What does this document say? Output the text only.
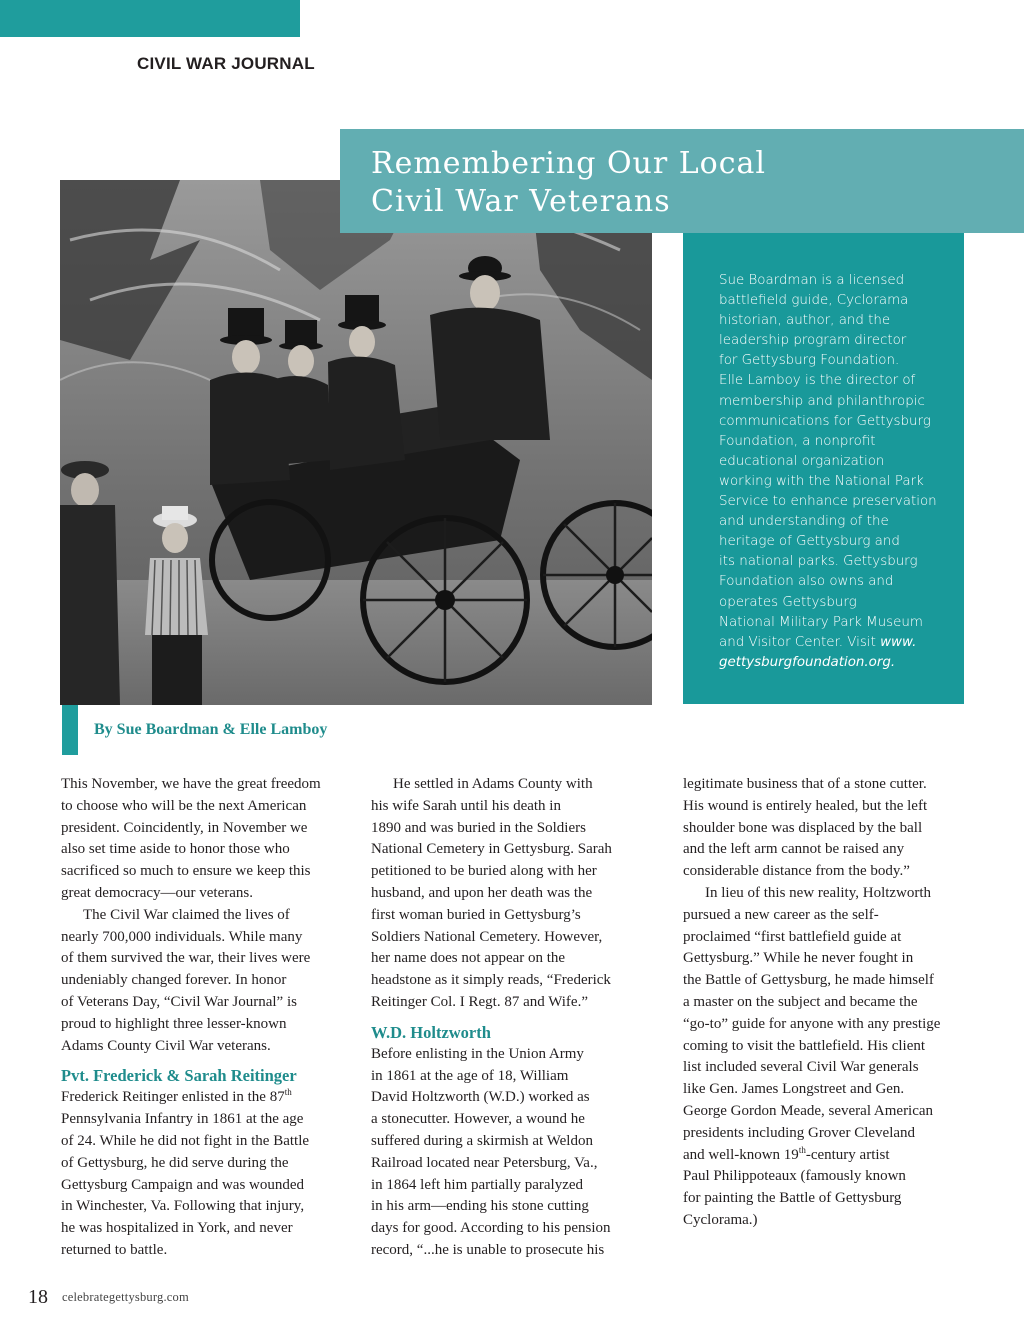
CIVIL WAR JOURNAL
Remembering Our Local
Civil War Veterans
Sue Boardman is a licensed
battlefield guide, Cyclorama
historian, author, and the
leadership program director
for Gettysburg Foundation.
Elle Lamboy is the director of
membership and philanthropic
communications for Gettysburg
Foundation, a nonprofit
educational organization
working with the National Park
Service to enhance preservation
and understanding of the
heritage of Gettysburg and
its national parks. Gettysburg
Foundation also owns and
operates Gettysburg
National Military Park Museum
and Visitor Center. Visit www.
gettysburgfoundation.org.
By Sue Boardman & Elle Lamboy
This November, we have the great freedom
to choose who will be the next American
president. Coincidently, in November we
also set time aside to honor those who
sacrificed so much to ensure we keep this
great democracy—our veterans.
The Civil War claimed the lives of
nearly 700,000 individuals. While many
of them survived the war, their lives were
undeniably changed forever. In honor
of Veterans Day, “Civil War Journal” is
proud to highlight three lesser-known
Adams County Civil War veterans.
Pvt. Frederick & Sarah Reitinger
Frederick Reitinger enlisted in the 87th
Pennsylvania Infantry in 1861 at the age
of 24. While he did not fight in the Battle
of Gettysburg, he did serve during the
Gettysburg Campaign and was wounded
in Winchester, Va. Following that injury,
he was hospitalized in York, and never
returned to battle.
He settled in Adams County with
his wife Sarah until his death in
1890 and was buried in the Soldiers
National Cemetery in Gettysburg. Sarah
petitioned to be buried along with her
husband, and upon her death was the
first woman buried in Gettysburg’s
Soldiers National Cemetery. However,
her name does not appear on the
headstone as it simply reads, “Frederick
Reitinger Col. I Regt. 87 and Wife.”
W.D. Holtzworth
Before enlisting in the Union Army
in 1861 at the age of 18, William
David Holtzworth (W.D.) worked as
a stonecutter. However, a wound he
suffered during a skirmish at Weldon
Railroad located near Petersburg, Va.,
in 1864 left him partially paralyzed
in his arm—ending his stone cutting
days for good. According to his pension
record, “...he is unable to prosecute his
legitimate business that of a stone cutter.
His wound is entirely healed, but the left
shoulder bone was displaced by the ball
and the left arm cannot be raised any
considerable distance from the body.”
In lieu of this new reality, Holtzworth
pursued a new career as the self-
proclaimed “first battlefield guide at
Gettysburg.” While he never fought in
the Battle of Gettysburg, he made himself
a master on the subject and became the
“go-to” guide for anyone with any prestige
coming to visit the battlefield. His client
list included several Civil War generals
like Gen. James Longstreet and Gen.
George Gordon Meade, several American
presidents including Grover Cleveland
and well-known 19th-century artist
Paul Philippoteaux (famously known
for painting the Battle of Gettysburg
Cyclorama.)
18 celebrategettysburg.com
